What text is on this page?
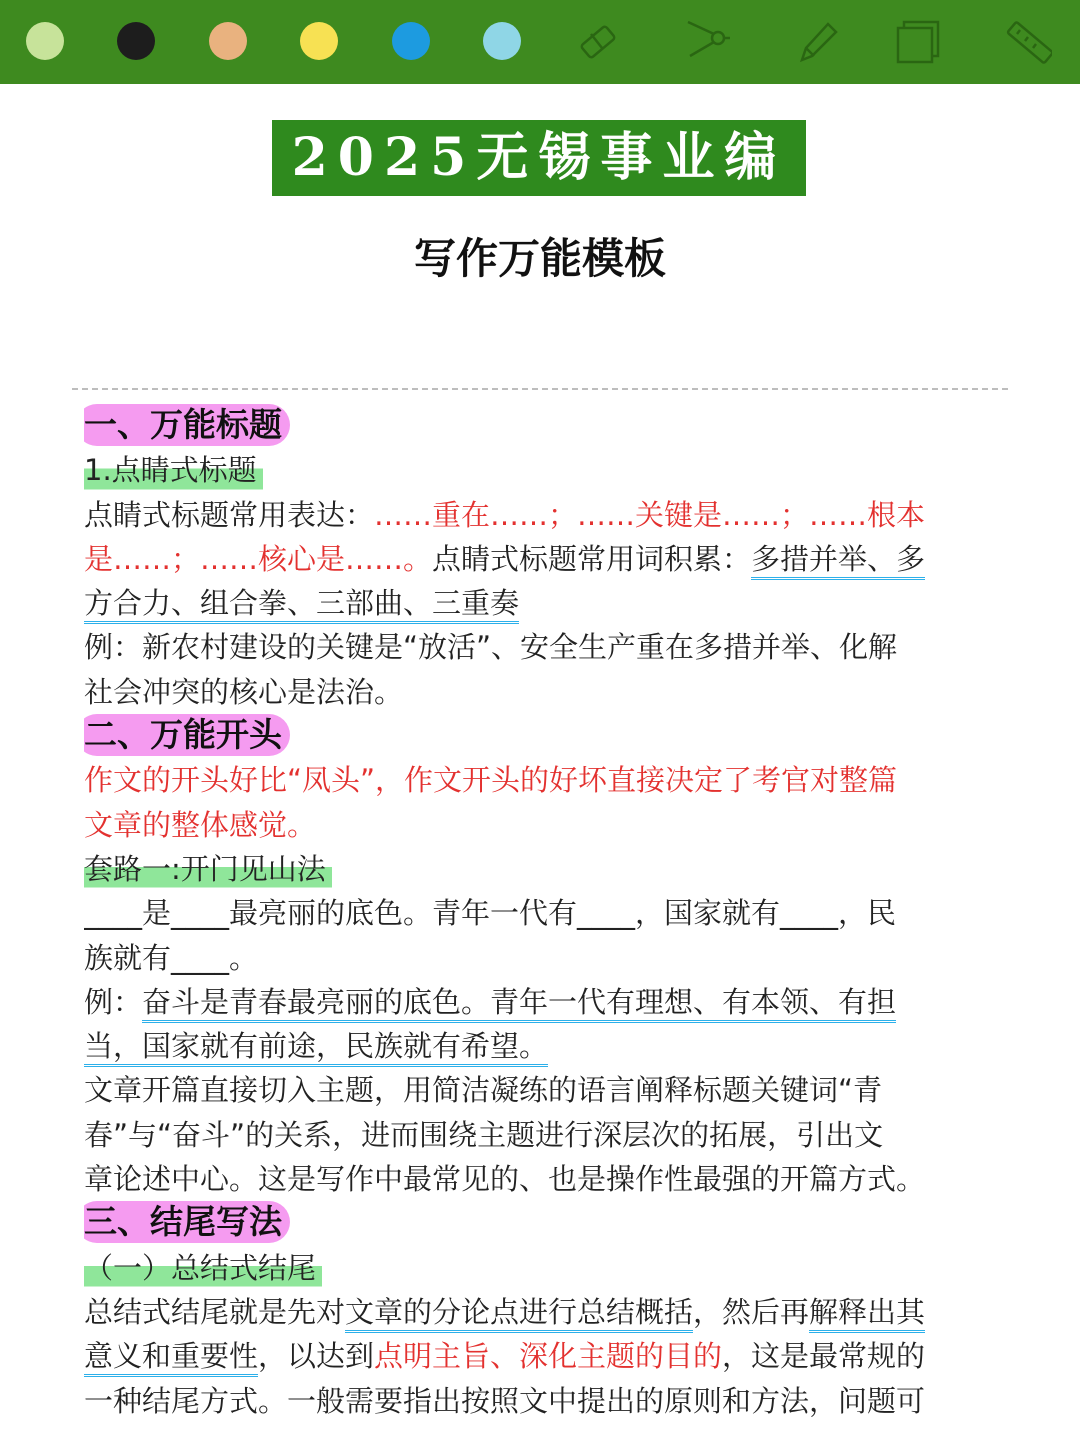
2025无锡事业编
写作万能模板
一、万能标题
1.点睛式标题
点睛式标题常用表达：……重在……；……关键是……；……根本
是……；……核心是……。点睛式标题常用词积累：多措并举、多
方合力、组合拳、三部曲、三重奏
例：新农村建设的关键是“放活”、安全生产重在多措并举、化解
社会冲突的核心是法治。
二、万能开头
作文的开头好比“凤头”，作文开头的好坏直接决定了考官对整篇
文章的整体感觉。
套路一:开门见山法
____是____最亮丽的底色。青年一代有____，国家就有____，民
族就有____。
例：奋斗是青春最亮丽的底色。青年一代有理想、有本领、有担
当，国家就有前途，民族就有希望。
文章开篇直接切入主题，用简洁凝练的语言阐释标题关键词“青
春”与“奋斗”的关系，进而围绕主题进行深层次的拓展，引出文
章论述中心。这是写作中最常见的、也是操作性最强的开篇方式。
三、结尾写法
（一）总结式结尾
总结式结尾就是先对文章的分论点进行总结概括，然后再解释出其
意义和重要性，以达到点明主旨、深化主题的目的，这是最常规的
一种结尾方式。一般需要指出按照文中提出的原则和方法，问题可
